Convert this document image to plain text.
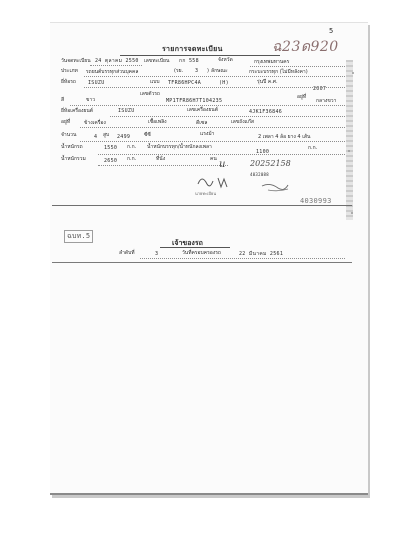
5
รายการจดทะเบียน	ฉ23ด920
วันจดทะเบียน 24 ตุลาคม 2550 เลขทะเบียน กก 558	จังหวัด	กรุงเทพมหานคร
ประเภท รถยนต์บรรทุกส่วนบุคคล	(รย. 3 ) ลักษณะ	กระบะบรรทุก (ไม่มีหลังคา)
ยี่ห้อรถ ISUZU	แบบ TFR86HPC4A	(H)	รุ่นปี ค.ศ.
2007
สี	ขาว
เลขตัวรถ
MP1TFR86H7T104235
อยู่ที่
กลางขวา
ยี่ห้อเครื่องยนต์	ISUZU	เลขเครื่องยนต์	4JK1F36846
อยู่ที่	ข้างเครื่อง	เชื้อเพลิง	ดีเซล	เลขถังแก๊ส
จำนวน	4 สูบ 2499	ซีซี	แรงม้า	2 เพลา 4 ล้อ ยาง 4 เส้น
น้ำหนักรถ	1550 ก.ก. น้ำหนักบรรทุก/น้ำหนักลงเพลา
1100
ก.ก.
น้ำหนักรวม	2650 ก.ก.	ที่นั่ง	คน u	20252158
4032088
นายทะเบียน
4030993
ฉบท.5
เจ้าของรถ
ลำดับที่	3	วันที่ครอบครองรถ	22 มีนาคม 2561
